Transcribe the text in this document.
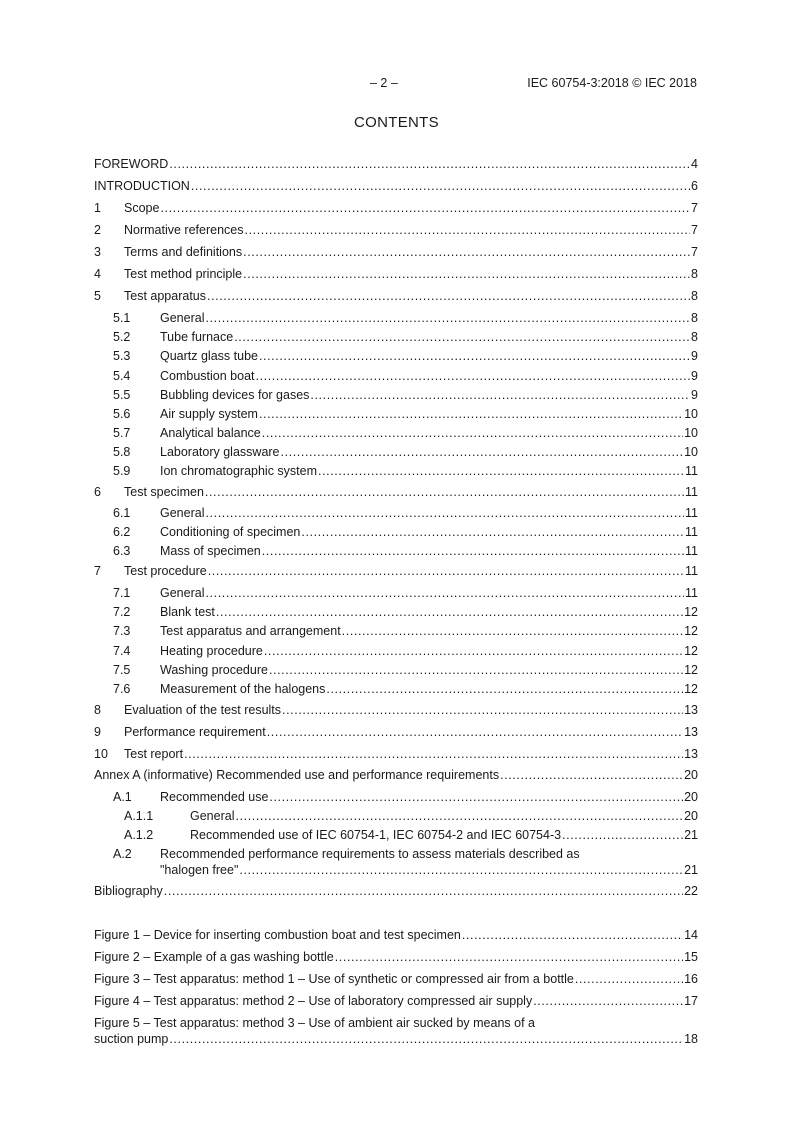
– 2 –	IEC 60754-3:2018 © IEC 2018
CONTENTS
FOREWORD .....	4
INTRODUCTION .....	6
1 Scope .....	7
2 Normative references .....	7
3 Terms and definitions .....	7
4 Test method principle .....	8
5 Test apparatus .....	8
5.1 General .....	8
5.2 Tube furnace .....	8
5.3 Quartz glass tube .....	9
5.4 Combustion boat .....	9
5.5 Bubbling devices for gases .....	9
5.6 Air supply system .....	10
5.7 Analytical balance .....	10
5.8 Laboratory glassware .....	10
5.9 Ion chromatographic system .....	11
6 Test specimen .....	11
6.1 General .....	11
6.2 Conditioning of specimen .....	11
6.3 Mass of specimen .....	11
7 Test procedure .....	11
7.1 General .....	11
7.2 Blank test .....	12
7.3 Test apparatus and arrangement .....	12
7.4 Heating procedure .....	12
7.5 Washing procedure .....	12
7.6 Measurement of the halogens .....	12
8 Evaluation of the test results .....	13
9 Performance requirement .....	13
10 Test report .....	13
Annex A (informative) Recommended use and performance requirements .....	20
A.1 Recommended use .....	20
A.1.1	General .....	20
A.1.2	Recommended use of IEC 60754-1, IEC 60754-2 and IEC 60754-3 .....	21
A.2 Recommended performance requirements to assess materials described as
"halogen free" .....	21
Bibliography .....	22
Figure 1 – Device for inserting combustion boat and test specimen .....	14
Figure 2 – Example of a gas washing bottle .....	15
Figure 3 – Test apparatus: method 1 – Use of synthetic or compressed air from a bottle .....	16
Figure 4 – Test apparatus: method 2 – Use of laboratory compressed air supply .....	17
Figure 5 – Test apparatus: method 3 – Use of ambient air sucked by means of a
suction pump .....	18
